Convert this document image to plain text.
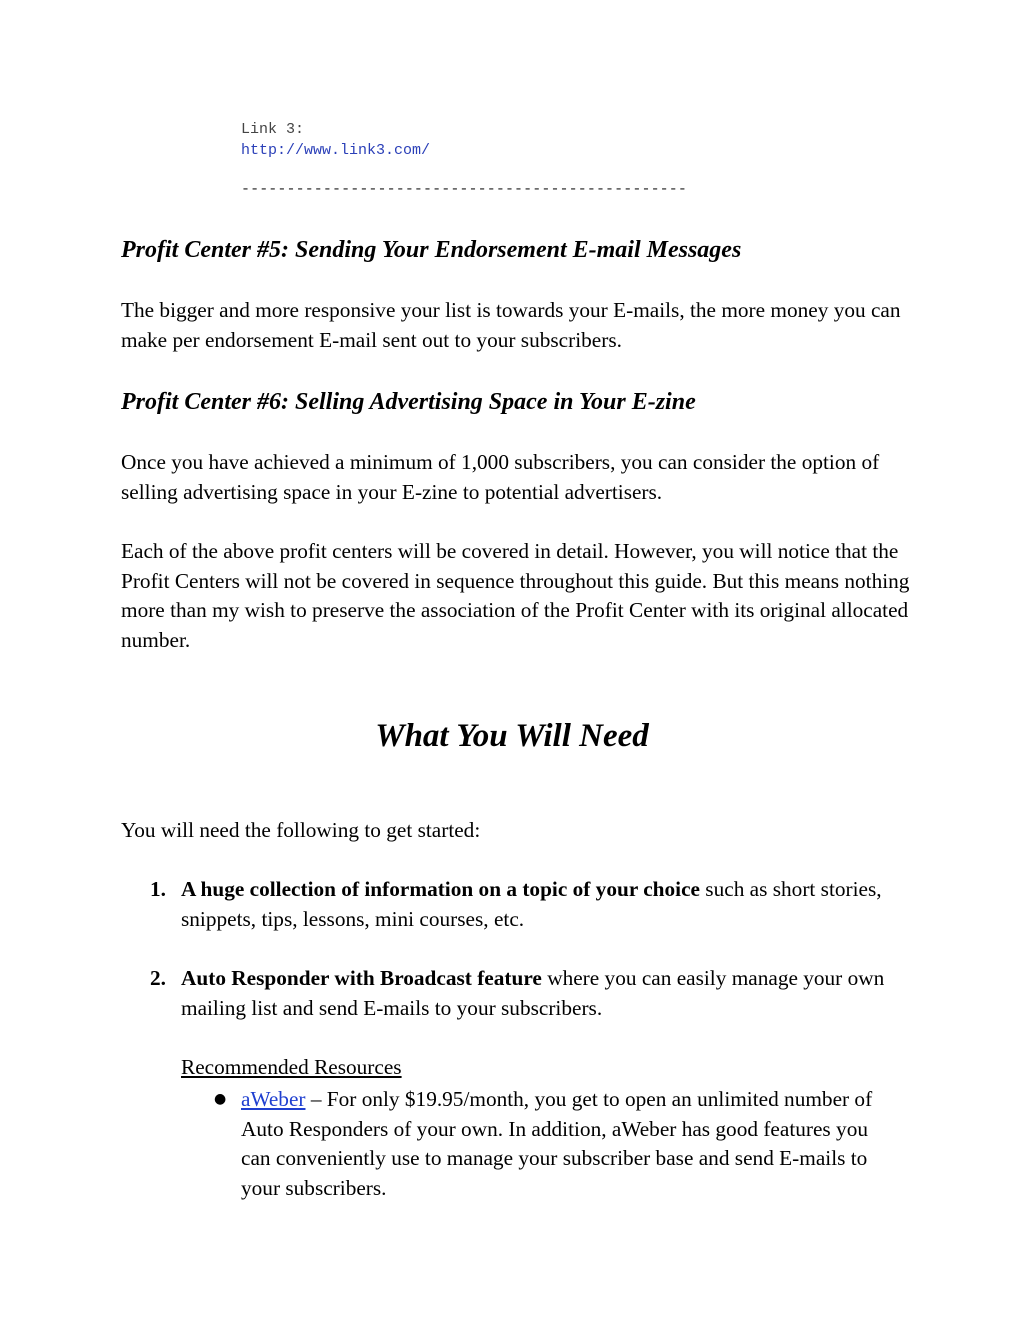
Link 3:
http://www.link3.com/
-------------------------------------------------
Profit Center #5: Sending Your Endorsement E-mail Messages
The bigger and more responsive your list is towards your E-mails, the more money you can make per endorsement E-mail sent out to your subscribers.
Profit Center #6: Selling Advertising Space in Your E-zine
Once you have achieved a minimum of 1,000 subscribers, you can consider the option of selling advertising space in your E-zine to potential advertisers.
Each of the above profit centers will be covered in detail. However, you will notice that the Profit Centers will not be covered in sequence throughout this guide. But this means nothing more than my wish to preserve the association of the Profit Center with its original allocated number.
What You Will Need
You will need the following to get started:
1. A huge collection of information on a topic of your choice such as short stories, snippets, tips, lessons, mini courses, etc.
2. Auto Responder with Broadcast feature where you can easily manage your own mailing list and send E-mails to your subscribers.
Recommended Resources
● aWeber – For only $19.95/month, you get to open an unlimited number of Auto Responders of your own. In addition, aWeber has good features you can conveniently use to manage your subscriber base and send E-mails to your subscribers.
